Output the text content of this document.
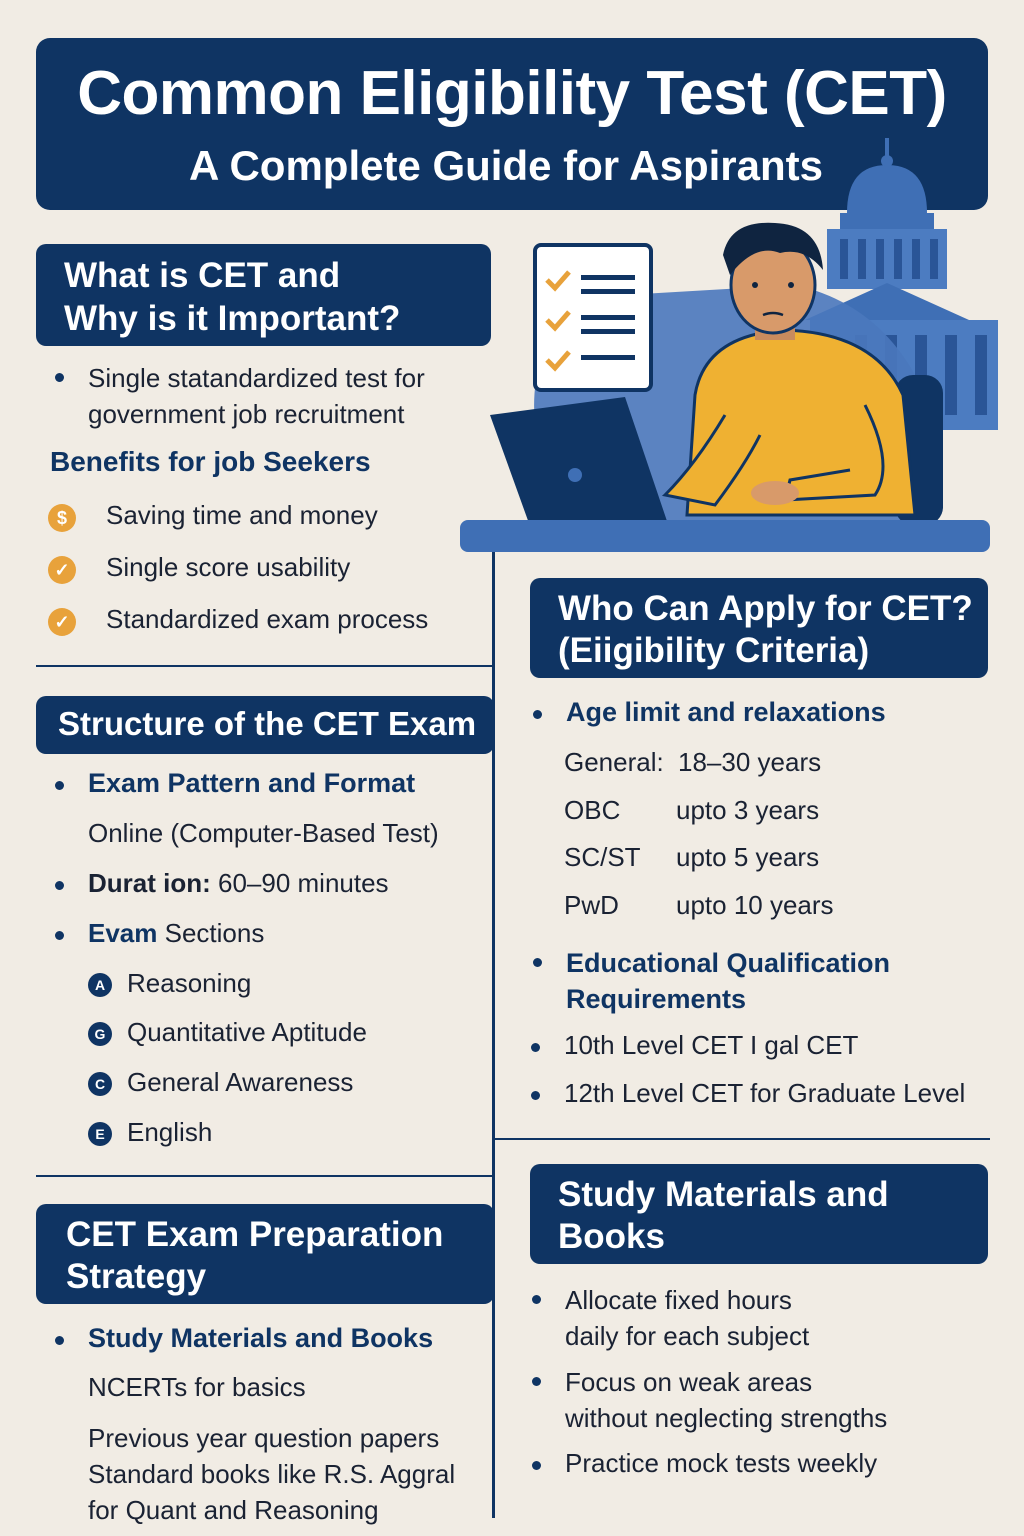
Common Eligibility Test (CET)
A Complete Guide for Aspirants
What is CET and
Why is it Important?
Single statandardized test for
government job recruitment
Benefits for job Seekers
$	Saving time and money
✓ Single score usability
✓ Standardized exam process
Structure of the CET Exam
Exam Pattern and Format
Online (Computer-Based Test)
Durat ion: 60–90 minutes
Evam Sections
A Reasoning
G Quantitative Aptitude
C General Awareness
E English
CET Exam Preparation
Strategy
Study Materials and Books
NCERTs for basics
Previous year question papers
Standard books like R.S. Aggral
for Quant and Reasoning
Who Can Apply for CET?
(Eiigibility Criteria)
Age limit and relaxations
General: 18–30 years
OBC upto 3 years
SC/ST upto 5 years
PwD upto 10 years
Educational Qualification
Requirements
10th Level CET I gal CET
12th Level CET for Graduate Level
Study Materials and
Books
Allocate fixed hours
daily for each subject
Focus on weak areas
without neglecting strengths
Practice mock tests weekly
